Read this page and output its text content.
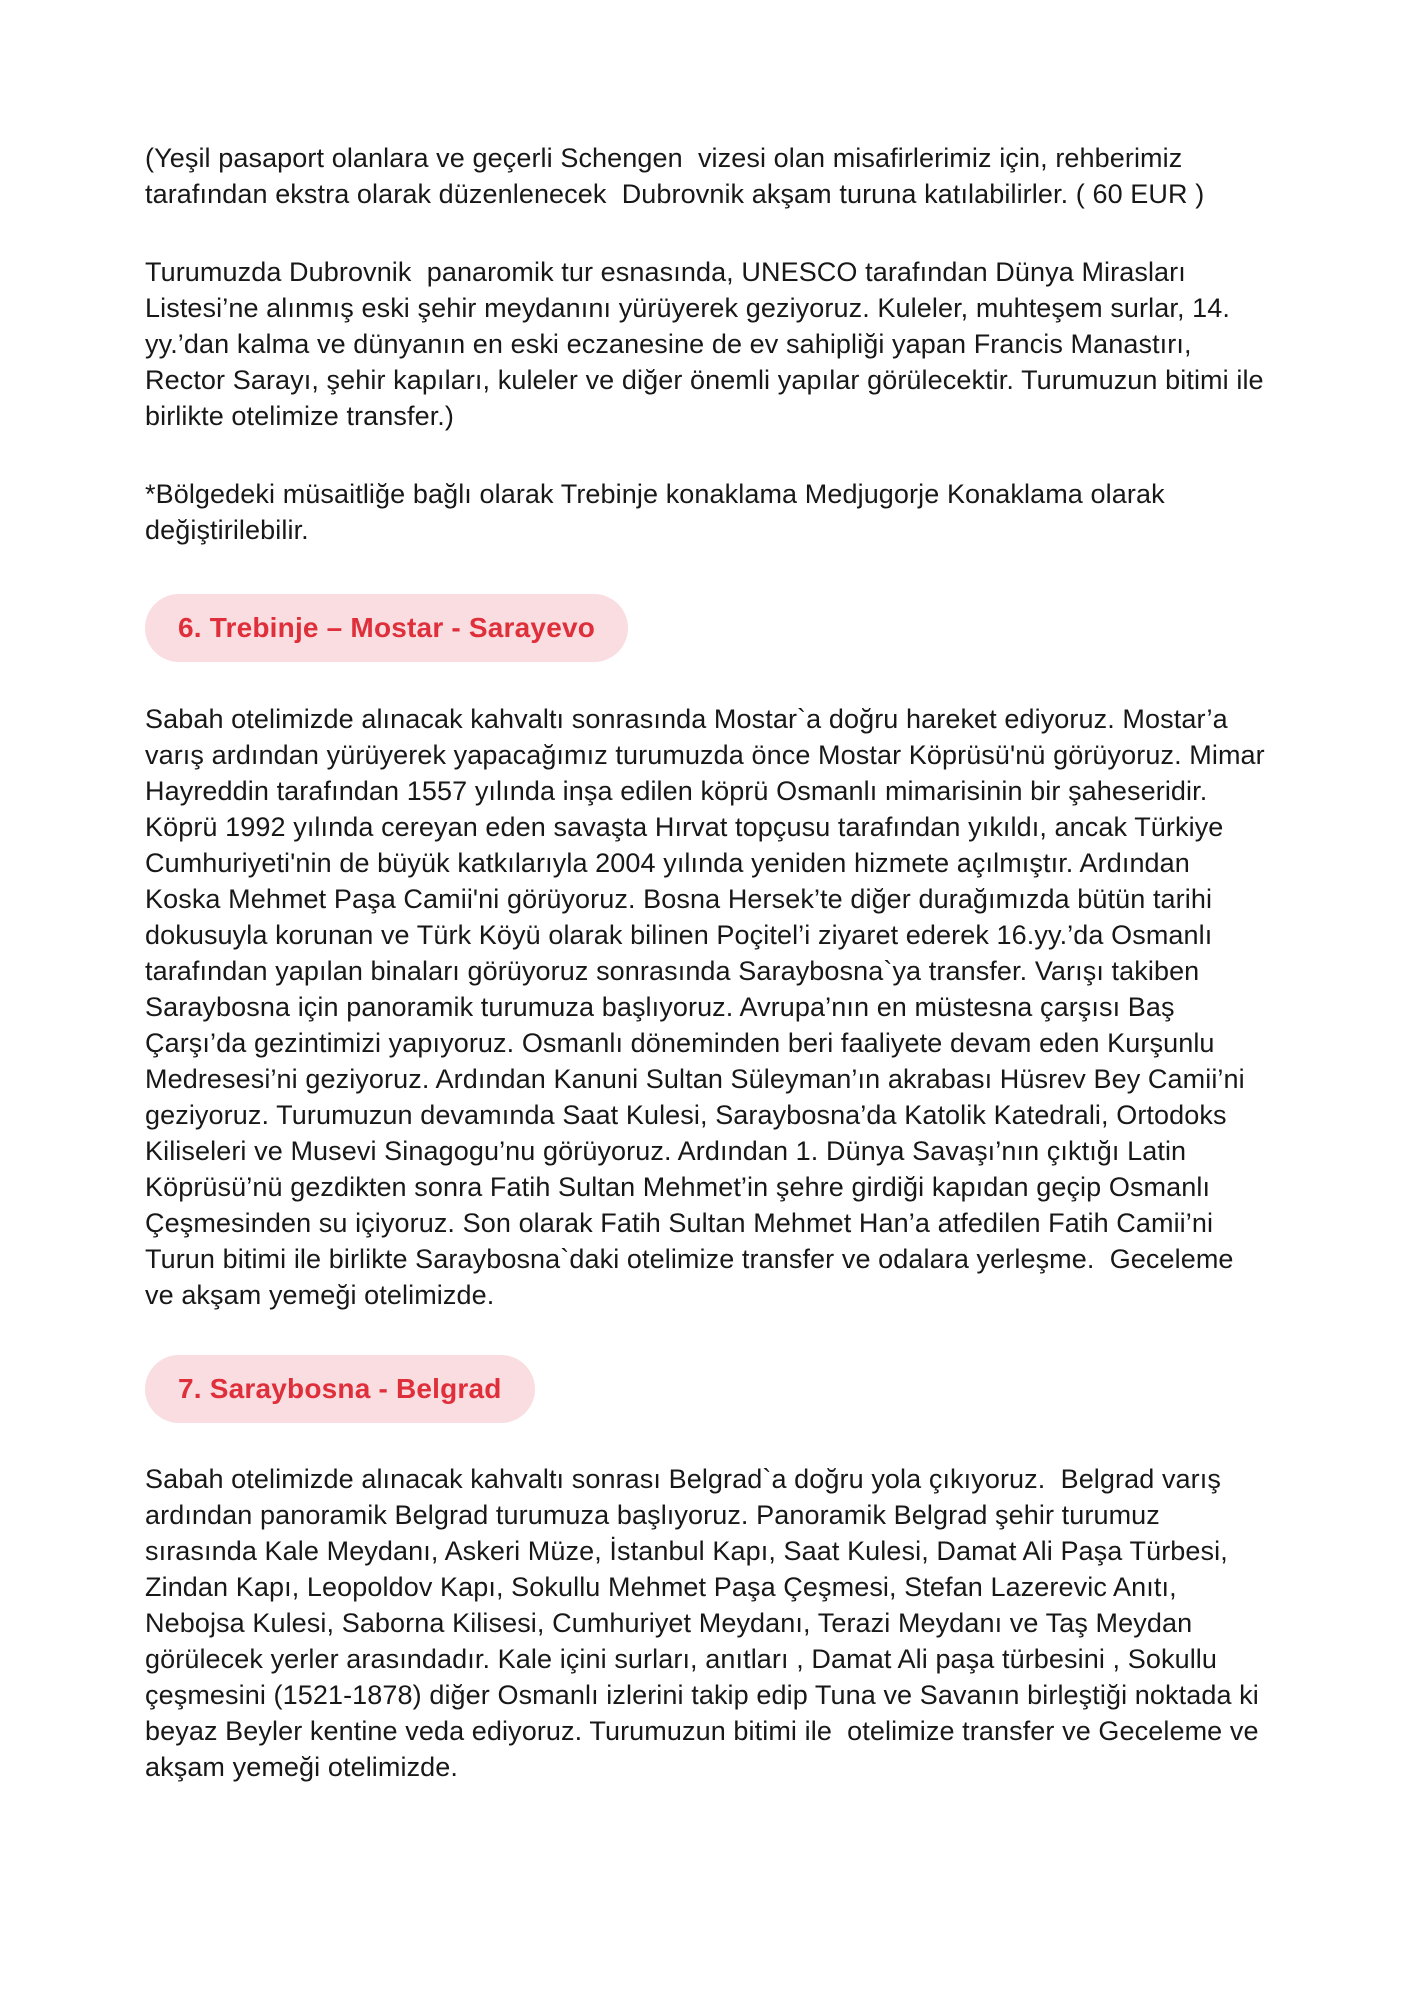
(Yeşil pasaport olanlara ve geçerli Schengen  vizesi olan misafirlerimiz için, rehberimiz tarafından ekstra olarak düzenlenecek  Dubrovnik akşam turuna katılabilirler. ( 60 EUR )

Turumuzda Dubrovnik  panaromik tur esnasında, UNESCO tarafından Dünya Mirasları Listesi’ne alınmış eski şehir meydanını yürüyerek geziyoruz. Kuleler, muhteşem surlar, 14. yy.’dan kalma ve dünyanın en eski eczanesine de ev sahipliği yapan Francis Manastırı, Rector Sarayı, şehir kapıları, kuleler ve diğer önemli yapılar görülecektir. Turumuzun bitimi ile birlikte otelimize transfer.)

*Bölgedeki müsaitliğe bağlı olarak Trebinje konaklama Medjugorje Konaklama olarak değiştirilebilir.

6. Trebinje – Mostar - Sarayevo

Sabah otelimizde alınacak kahvaltı sonrasında Mostar`a doğru hareket ediyoruz. Mostar’a varış ardından yürüyerek yapacağımız turumuzda önce Mostar Köprüsü'nü görüyoruz. Mimar Hayreddin tarafından 1557 yılında inşa edilen köprü Osmanlı mimarisinin bir şaheseridir. Köprü 1992 yılında cereyan eden savaşta Hırvat topçusu tarafından yıkıldı, ancak Türkiye Cumhuriyeti'nin de büyük katkılarıyla 2004 yılında yeniden hizmete açılmıştır. Ardından Koska Mehmet Paşa Camii'ni görüyoruz. Bosna Hersek’te diğer durağımızda bütün tarihi dokusuyla korunan ve Türk Köyü olarak bilinen Poçitel’i ziyaret ederek 16.yy.’da Osmanlı tarafından yapılan binaları görüyoruz sonrasında Saraybosna`ya transfer. Varışı takiben Saraybosna için panoramik turumuza başlıyoruz. Avrupa’nın en müstesna çarşısı Baş Çarşı’da gezintimizi yapıyoruz. Osmanlı döneminden beri faaliyete devam eden Kurşunlu Medresesi’ni geziyoruz. Ardından Kanuni Sultan Süleyman’ın akrabası Hüsrev Bey Camii’ni geziyoruz. Turumuzun devamında Saat Kulesi, Saraybosna’da Katolik Katedrali, Ortodoks Kiliseleri ve Musevi Sinagogu’nu görüyoruz. Ardından 1. Dünya Savaşı’nın çıktığı Latin Köprüsü’nü gezdikten sonra Fatih Sultan Mehmet’in şehre girdiği kapıdan geçip Osmanlı Çeşmesinden su içiyoruz. Son olarak Fatih Sultan Mehmet Han’a atfedilen Fatih Camii’ni Turun bitimi ile birlikte Saraybosna`daki otelimize transfer ve odalara yerleşme.  Geceleme ve akşam yemeği otelimizde.

7. Saraybosna - Belgrad

Sabah otelimizde alınacak kahvaltı sonrası Belgrad`a doğru yola çıkıyoruz.  Belgrad varış ardından panoramik Belgrad turumuza başlıyoruz. Panoramik Belgrad şehir turumuz sırasında Kale Meydanı, Askeri Müze, İstanbul Kapı, Saat Kulesi, Damat Ali Paşa Türbesi, Zindan Kapı, Leopoldov Kapı, Sokullu Mehmet Paşa Çeşmesi, Stefan Lazerevic Anıtı, Nebojsa Kulesi, Saborna Kilisesi, Cumhuriyet Meydanı, Terazi Meydanı ve Taş Meydan görülecek yerler arasındadır. Kale içini surları, anıtları , Damat Ali paşa türbesini , Sokullu çeşmesini (1521-1878) diğer Osmanlı izlerini takip edip Tuna ve Savanın birleştiği noktada ki beyaz Beyler kentine veda ediyoruz. Turumuzun bitimi ile  otelimize transfer ve Geceleme ve akşam yemeği otelimizde.
